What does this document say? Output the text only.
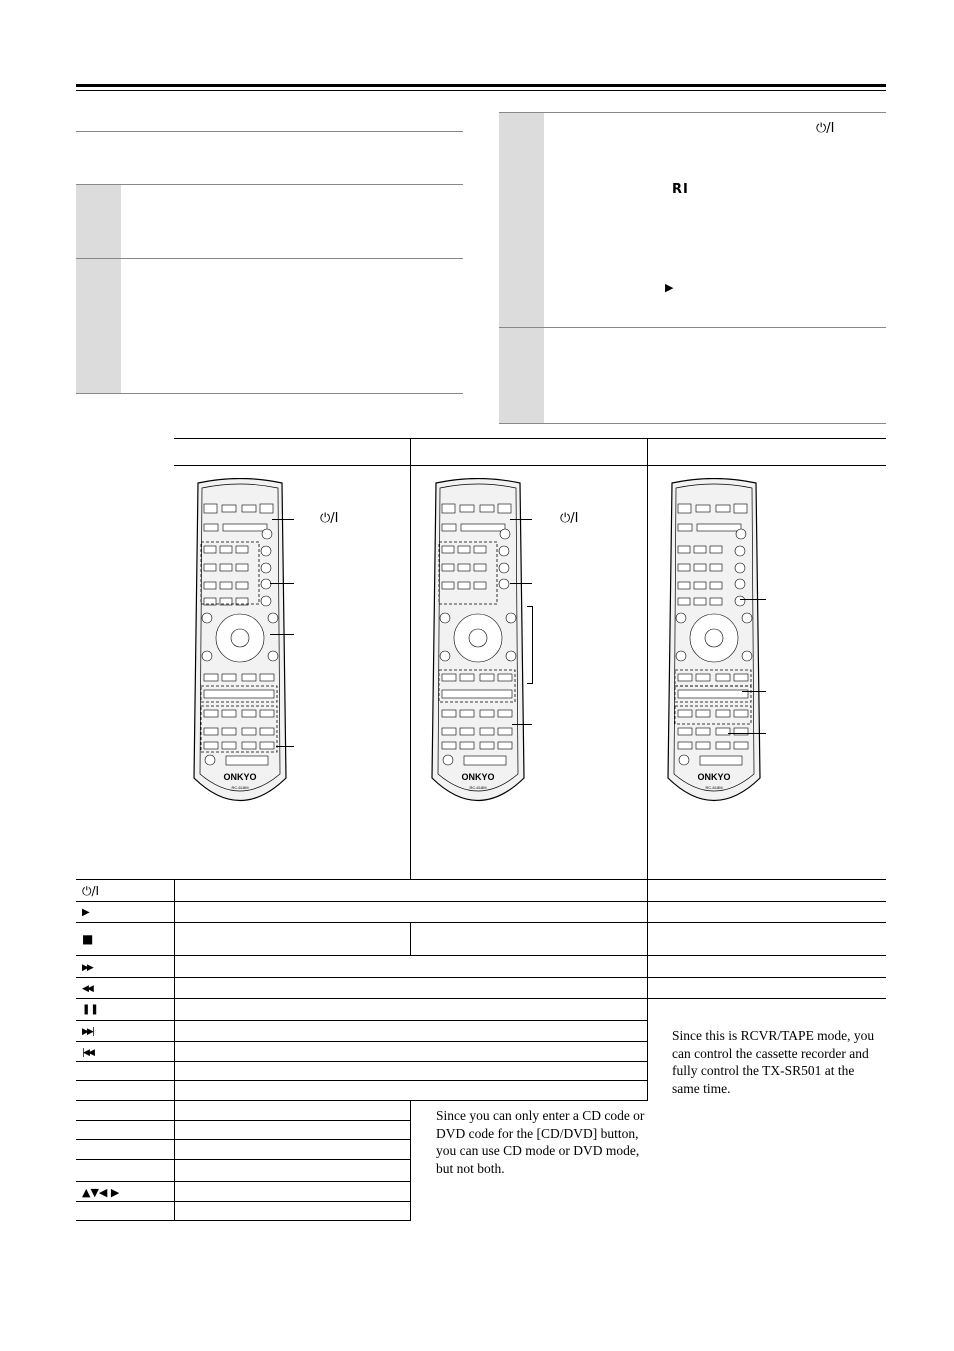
⏻/Ⅰ
RI
▶
ONKYO
RC-618M
ONKYO
RC-618M
ONKYO
RC-618M
⏻/Ⅰ	⏻/Ⅰ
⏻/Ⅰ
▶
■
▶▶
◀◀
❚❚
▶▶|
|◀◀
▲▼◀ ▶
Since you can only enter a CD code or DVD code for the [CD/DVD] button, you can use CD mode or DVD mode, but not both.
Since this is RCVR/TAPE mode, you can control the cassette recorder and fully control the TX-SR501 at the same time.
